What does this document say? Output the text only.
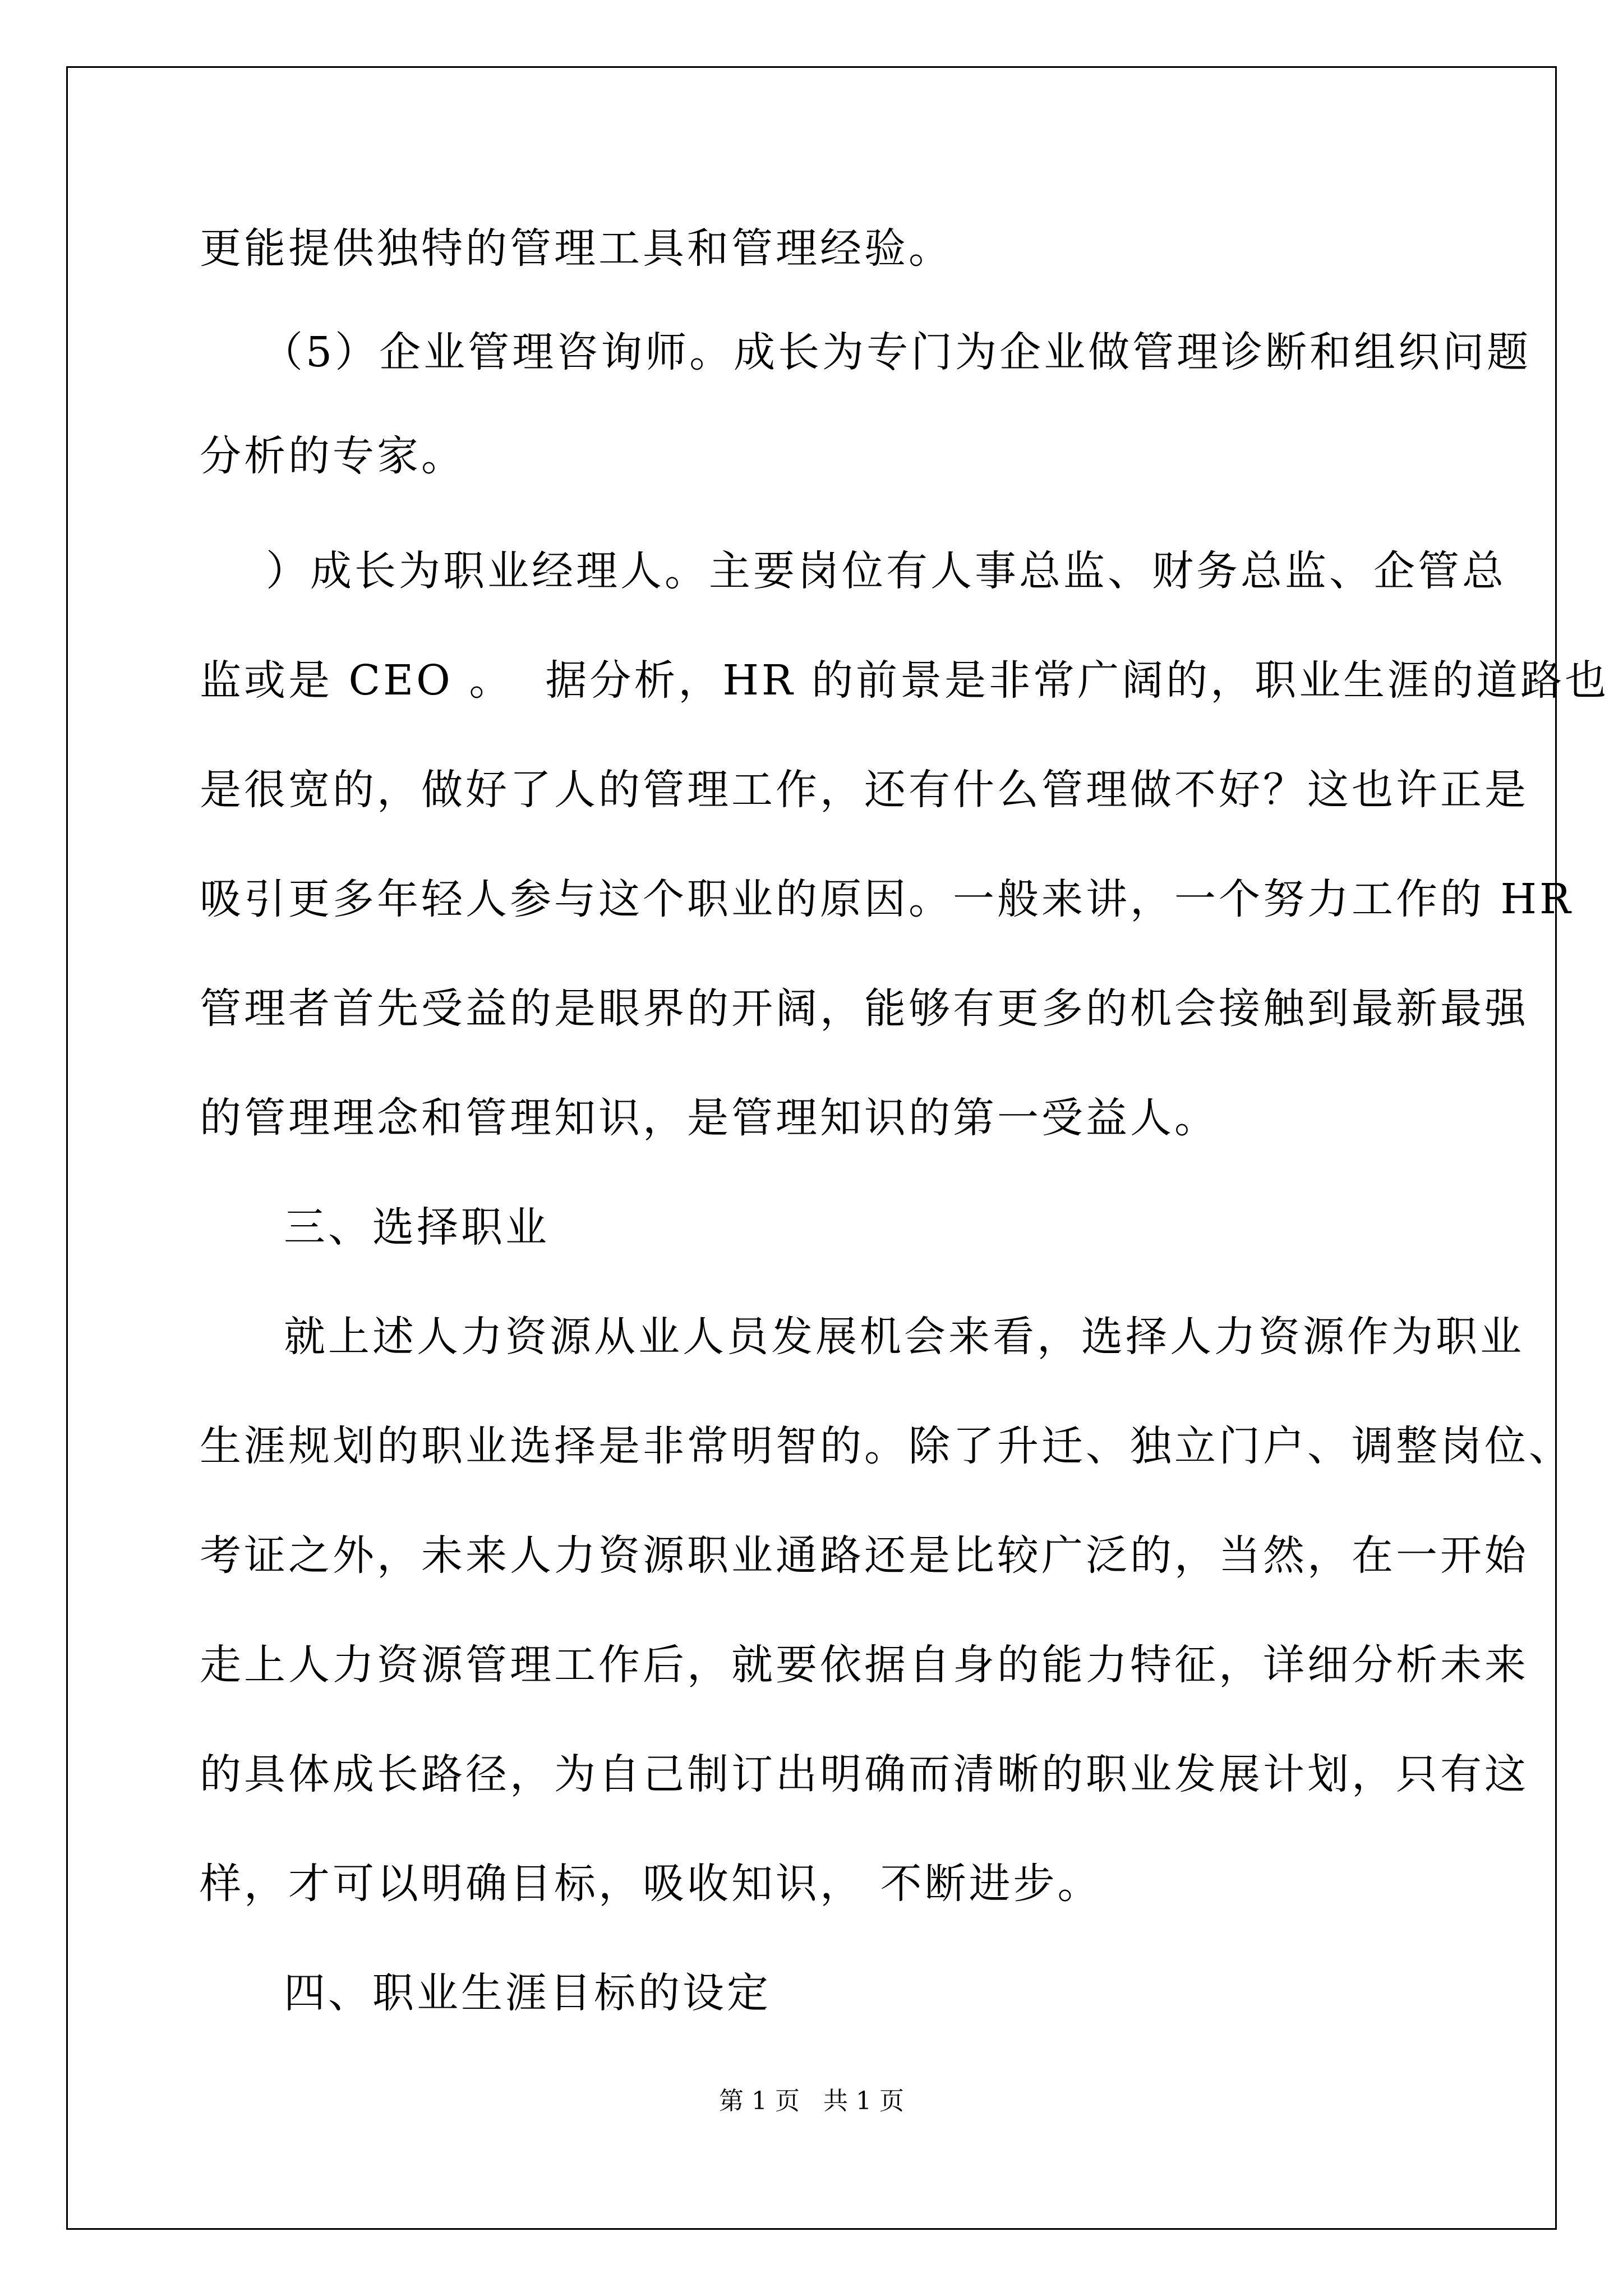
更能提供独特的管理工具和管理经验。
（5）企业管理咨询师。成长为专门为企业做管理诊断和组织问题
分析的专家。
）成长为职业经理人。主要岗位有人事总监、财务总监、企管总
监或是 CEO 。  据分析，HR 的前景是非常广阔的，职业生涯的道路也
是很宽的，做好了人的管理工作，还有什么管理做不好？这也许正是
吸引更多年轻人参与这个职业的原因。一般来讲，一个努力工作的 HR
管理者首先受益的是眼界的开阔，能够有更多的机会接触到最新最强
的管理理念和管理知识，是管理知识的第一受益人。
三、选择职业
就上述人力资源从业人员发展机会来看，选择人力资源作为职业
生涯规划的职业选择是非常明智的。除了升迁、独立门户、调整岗位、
考证之外，未来人力资源职业通路还是比较广泛的，当然，在一开始
走上人力资源管理工作后，就要依据自身的能力特征，详细分析未来
的具体成长路径，为自己制订出明确而清晰的职业发展计划，只有这
样，才可以明确目标，吸收知识， 不断进步。
四、职业生涯目标的设定
第 1 页   共 1 页
